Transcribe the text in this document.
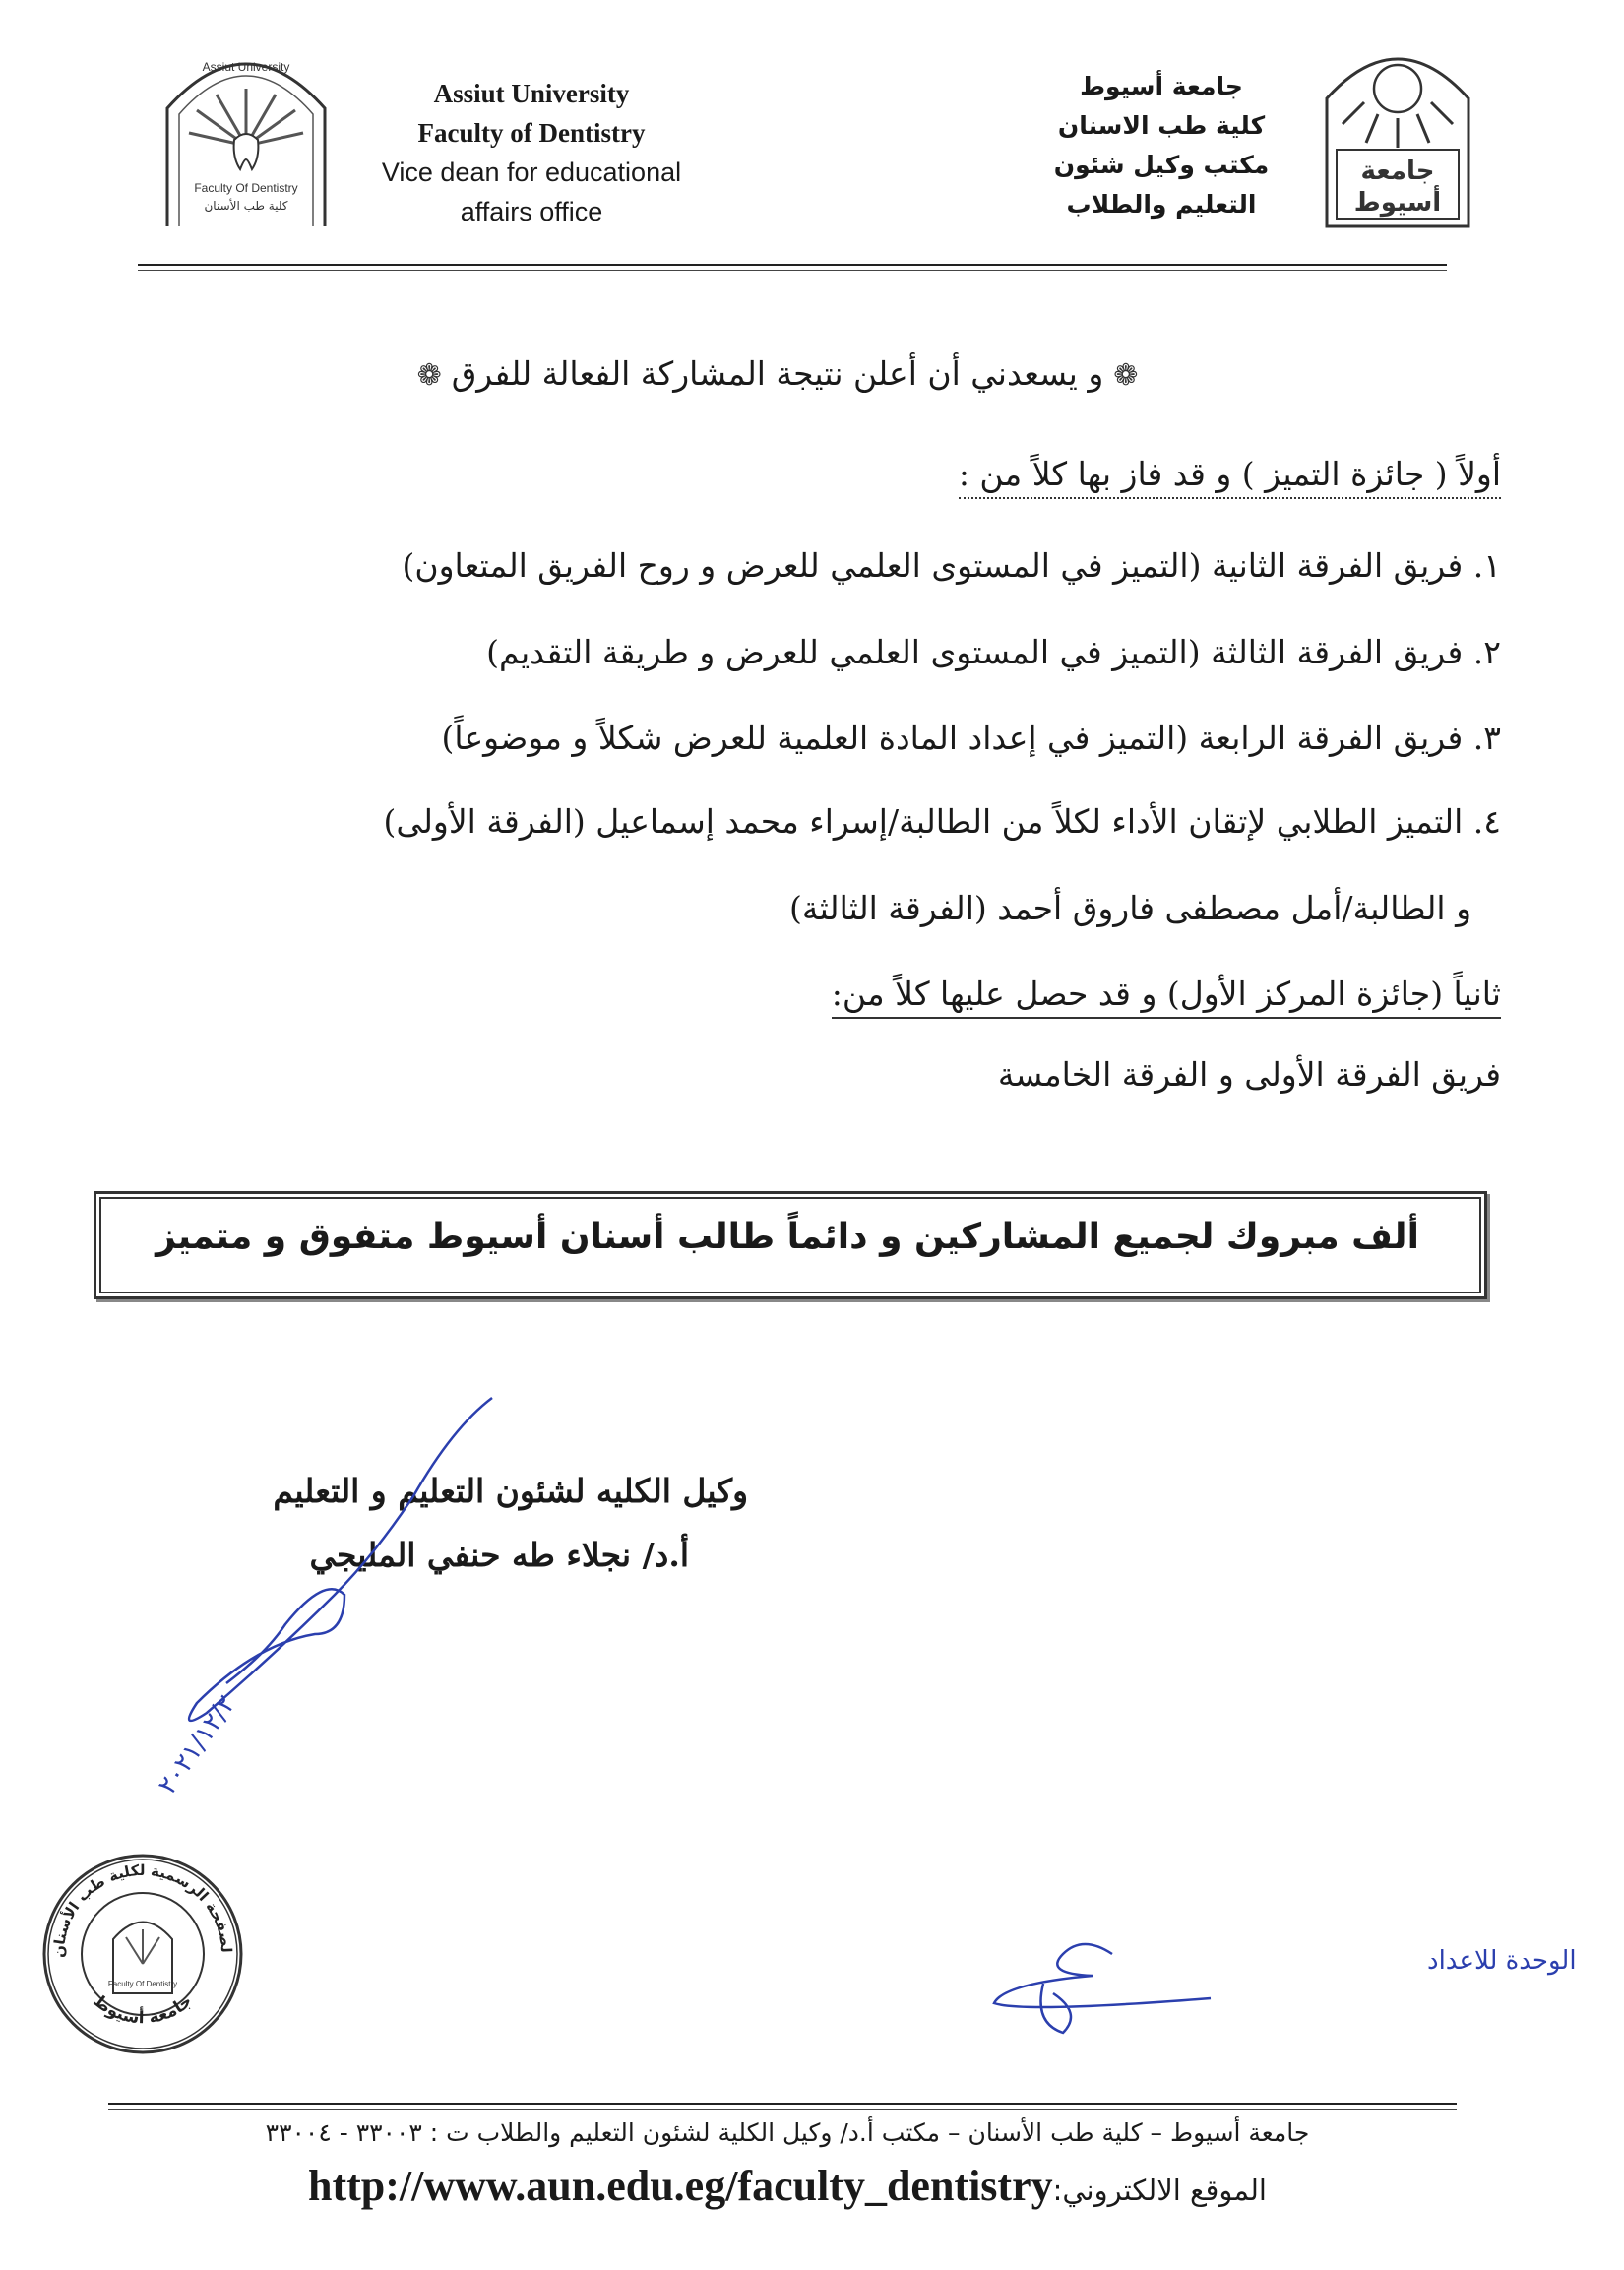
Faculty Of Dentistry
كلية طب الأسنان
Assiut University
Assiut University
Faculty of Dentistry
Vice dean for educational
affairs office
جامعة أسيوط
كلية طب الاسنان
مكتب وكيل شئون
التعليم والطلاب
جامعة
أسيوط
❁و يسعدني أن أعلن نتيجة المشاركة الفعالة للفرق❁
أولاً ( جائزة التميز ) و قد فاز بها كلاً من :
١. فريق الفرقة الثانية (التميز في المستوى العلمي للعرض و روح الفريق المتعاون)
٢. فريق الفرقة الثالثة (التميز في المستوى العلمي للعرض و طريقة التقديم)
٣. فريق الفرقة الرابعة (التميز في إعداد المادة العلمية للعرض شكلاً و موضوعاً)
٤. التميز الطلابي لإتقان الأداء لكلاً من الطالبة/إسراء محمد إسماعيل (الفرقة الأولى)
و الطالبة/أمل مصطفى فاروق أحمد (الفرقة الثالثة)
ثانياً (جائزة المركز الأول) و قد حصل عليها كلاً من:
فريق الفرقة الأولى و الفرقة الخامسة
ألف مبروك لجميع المشاركين و دائماً طالب أسنان أسيوط متفوق و متميز
وكيل الكليه لشئون التعليم و التعليم
أ.د/ نجلاء طه حنفي المليجي
٢٠٢١/١٢/٢
لصفحة الرسمية لكلية طب الأسنان
جامعة أسيوط
Faculty Of Dentistry
الوحدة للاعداد
جامعة أسيوط – كلية طب الأسنان – مكتب أ.د/ وكيل الكلية لشئون التعليم والطلاب ت : ٣٣٠٠٣ - ٣٣٠٠٤
الموقع الالكتروني:http://www.aun.edu.eg/faculty_dentistry
